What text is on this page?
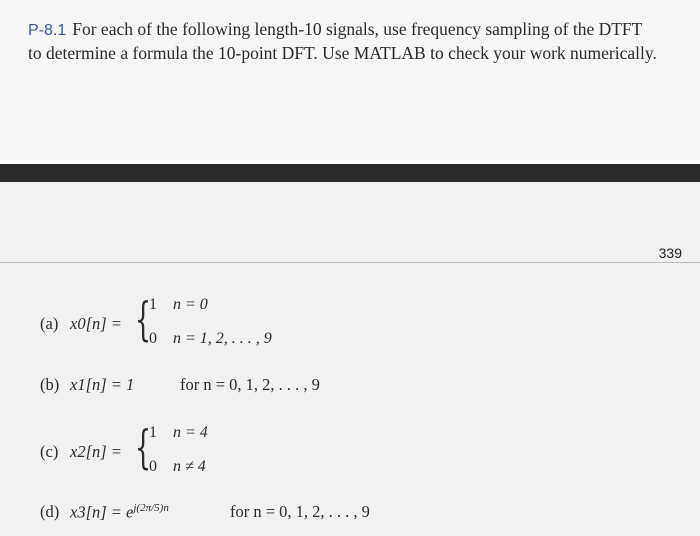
P-8.1 For each of the following length-10 signals, use frequency sampling of the DTFT
to determine a formula the 10-point DFT. Use MATLAB to check your work numerically.
339
(a) x0[n] = {
1 n = 0
0 n = 1, 2, . . . , 9
(b) x1[n] = 1	for n = 0, 1, 2, . . . , 9
(c) x2[n] = {
1 n = 4
0 n ≠ 4
(d) $x3[n] = e^{j(2\pi/5)n}$	for n = 0, 1, 2, . . . , 9
